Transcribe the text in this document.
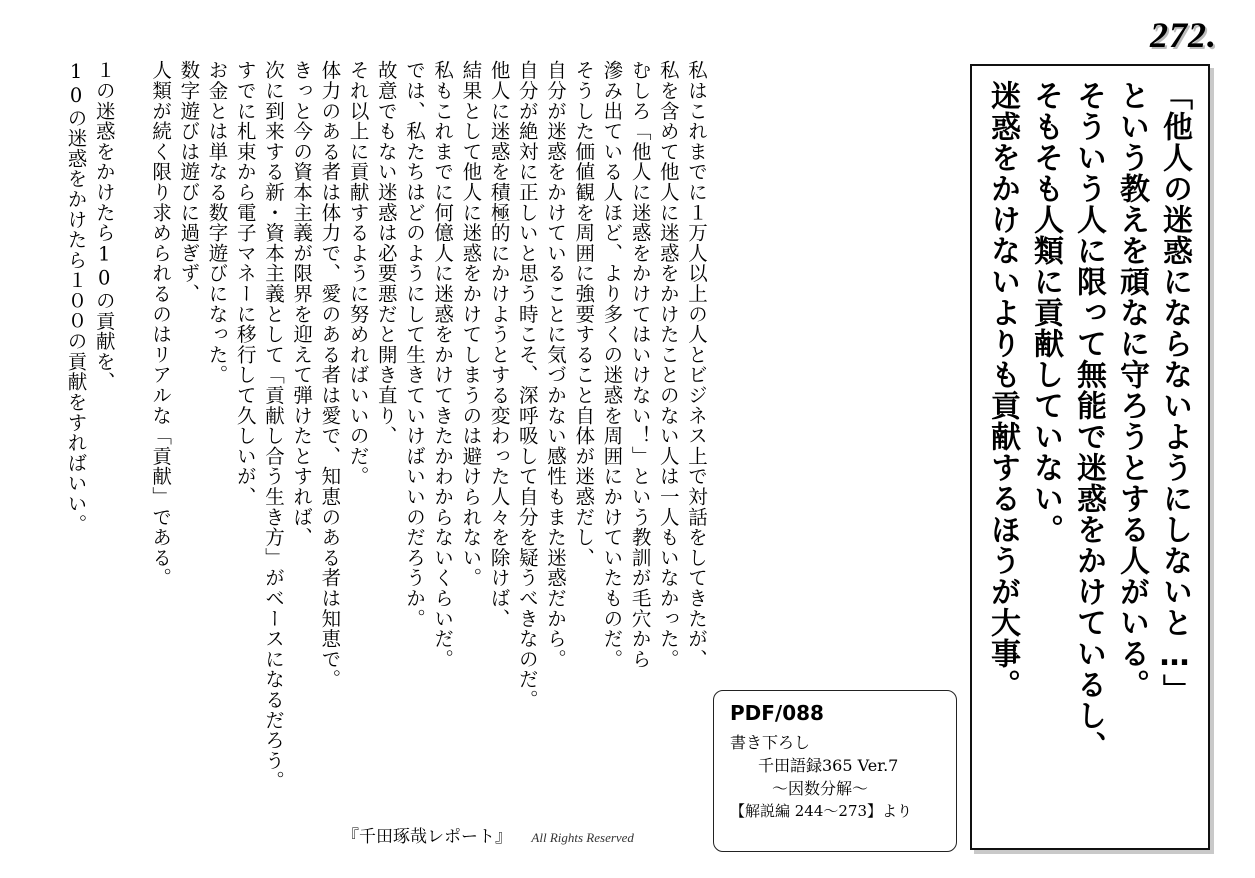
272.
「他人の迷惑にならないようにしないと…」
という教えを頑なに守ろうとする人がいる。
そういう人に限って無能で迷惑をかけているし、
そもそも人類に貢献していない。
迷惑をかけないよりも貢献するほうが大事。
私はこれまでに１万人以上の人とビジネス上で対話をしてきたが、
私を含めて他人に迷惑をかけたことのない人は一人もいなかった。
むしろ「他人に迷惑をかけてはいけない！」という教訓が毛穴から
滲み出ている人ほど、より多くの迷惑を周囲にかけていたものだ。
そうした価値観を周囲に強要すること自体が迷惑だし、
自分が迷惑をかけていることに気づかない感性もまた迷惑だから。
自分が絶対に正しいと思う時こそ、深呼吸して自分を疑うべきなのだ。
他人に迷惑を積極的にかけようとする変わった人々を除けば、
結果として他人に迷惑をかけてしまうのは避けられない。
私もこれまでに何億人に迷惑をかけてきたかわからないくらいだ。
では、私たちはどのようにして生きていけばいいのだろうか。
故意でもない迷惑は必要悪だと開き直り、
それ以上に貢献するように努めればいいのだ。
体力のある者は体力で、愛のある者は愛で、知恵のある者は知恵で。
きっと今の資本主義が限界を迎えて弾けたとすれば、
次に到来する新・資本主義として「貢献し合う生き方」がベースになるだろう。
すでに札束から電子マネーに移行して久しいが、
お金とは単なる数字遊びになった。
数字遊びは遊びに過ぎず、
人類が続く限り求められるのはリアルな「貢献」である。
１の迷惑をかけたら10の貢献を、
10の迷惑をかけたら１００の貢献をすればいい。
PDF/088
書き下ろし
千田語録365 Ver.7
～因数分解～
【解説編 244～273】より
『千田琢哉レポート』 All Rights Reserved
